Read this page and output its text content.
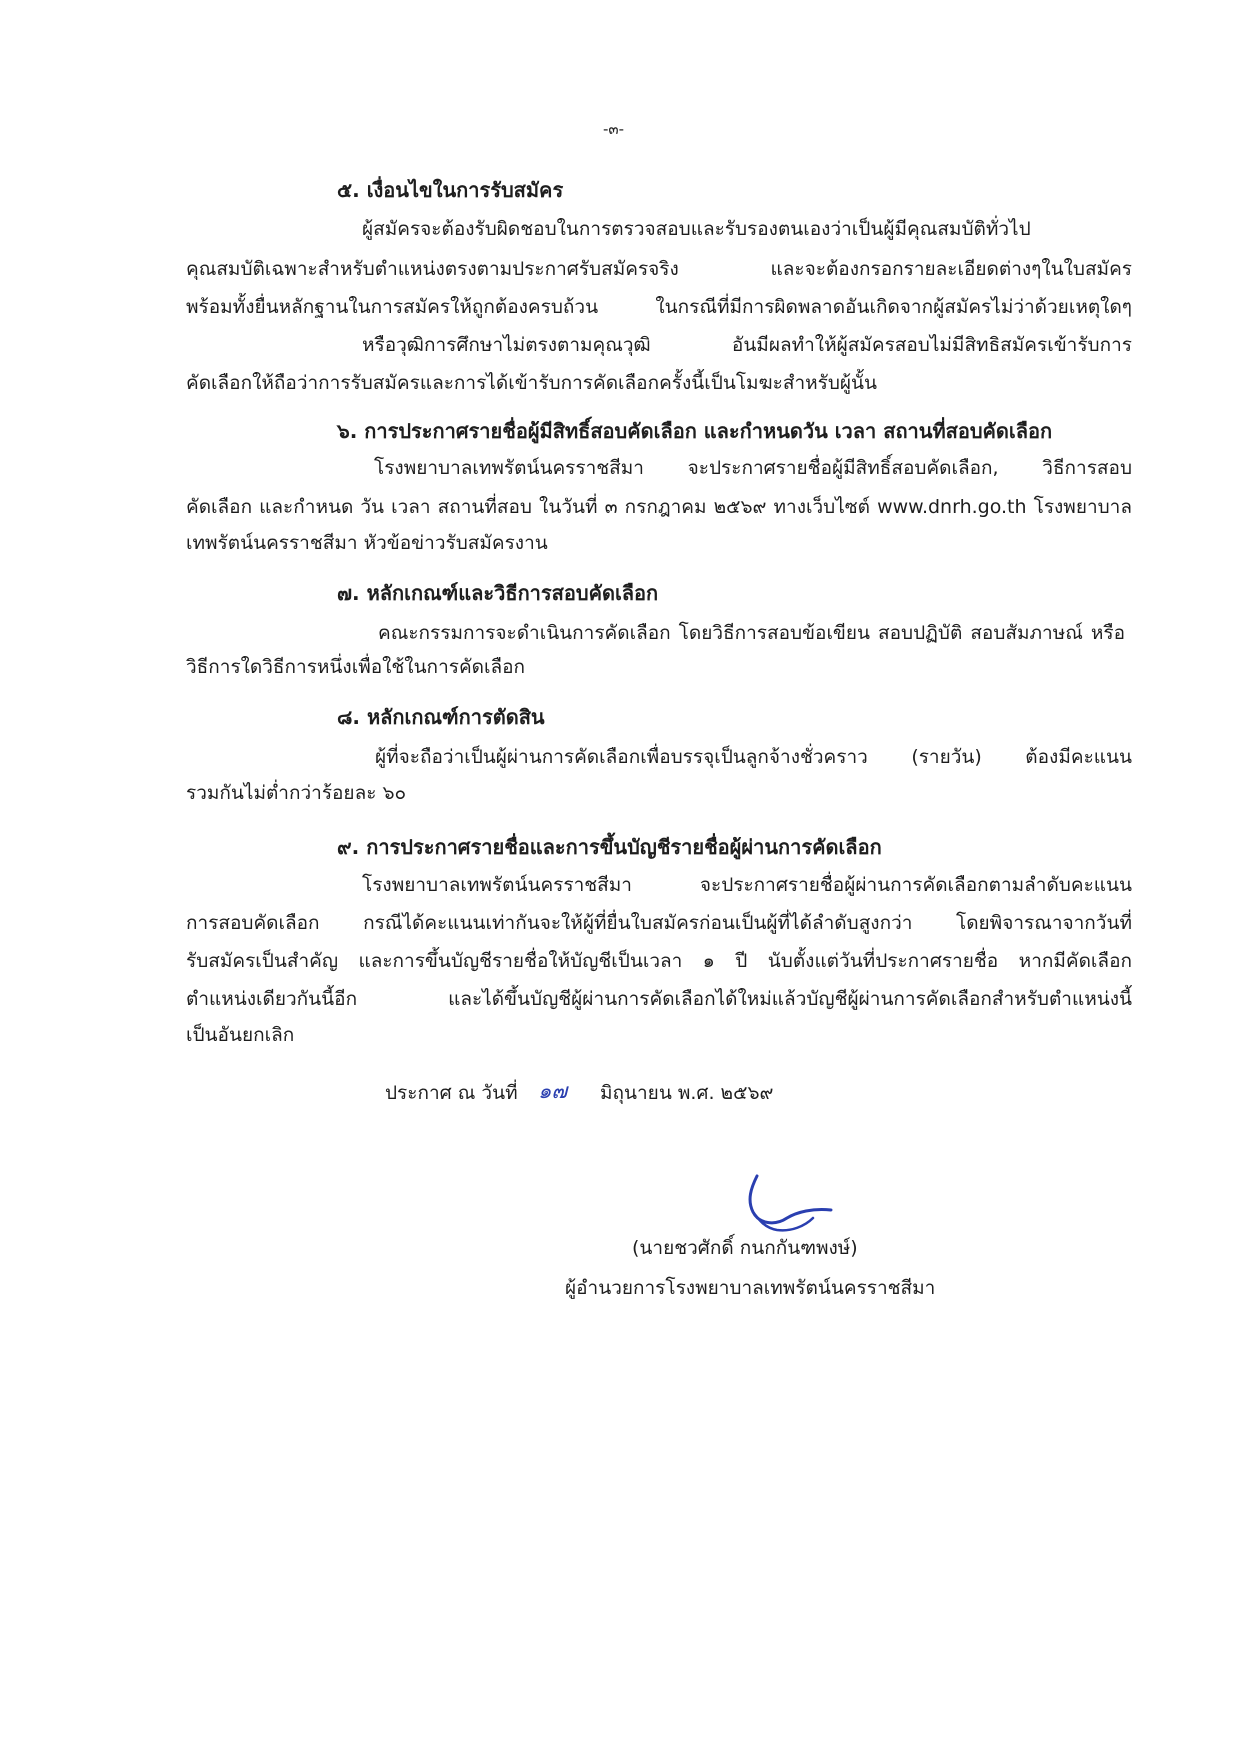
-๓-
๕. เงื่อนไขในการรับสมัคร
ผู้สมัครจะต้องรับผิดชอบในการตรวจสอบและรับรองตนเองว่าเป็นผู้มีคุณสมบัติทั่วไป
คุณสมบัติเฉพาะสำหรับตำแหน่งตรงตามประกาศรับสมัครจริง และจะต้องกรอกรายละเอียดต่างๆในใบสมัคร
พร้อมทั้งยื่นหลักฐานในการสมัครให้ถูกต้องครบถ้วน ในกรณีที่มีการผิดพลาดอันเกิดจากผู้สมัครไม่ว่าด้วยเหตุใดๆ
หรือวุฒิการศึกษาไม่ตรงตามคุณวุฒิ อันมีผลทำให้ผู้สมัครสอบไม่มีสิทธิสมัครเข้ารับการ
คัดเลือกให้ถือว่าการรับสมัครและการได้เข้ารับการคัดเลือกครั้งนี้เป็นโมฆะสำหรับผู้นั้น
๖. การประกาศรายชื่อผู้มีสิทธิ์สอบคัดเลือก และกำหนดวัน เวลา สถานที่สอบคัดเลือก
โรงพยาบาลเทพรัตน์นครราชสีมา จะประกาศรายชื่อผู้มีสิทธิ์สอบคัดเลือก, วิธีการสอบ
คัดเลือก และกำหนด วัน เวลา สถานที่สอบ ในวันที่ ๓ กรกฎาคม ๒๕๖๙ ทางเว็บไซต์ www.dnrh.go.th โรงพยาบาล
เทพรัตน์นครราชสีมา หัวข้อข่าวรับสมัครงาน
๗. หลักเกณฑ์และวิธีการสอบคัดเลือก
คณะกรรมการจะดำเนินการคัดเลือก โดยวิธีการสอบข้อเขียน สอบปฏิบัติ สอบสัมภาษณ์ หรือ
วิธีการใดวิธีการหนึ่งเพื่อใช้ในการคัดเลือก
๘. หลักเกณฑ์การตัดสิน
ผู้ที่จะถือว่าเป็นผู้ผ่านการคัดเลือกเพื่อบรรจุเป็นลูกจ้างชั่วคราว (รายวัน) ต้องมีคะแนน
รวมกันไม่ต่ำกว่าร้อยละ ๖๐
๙. การประกาศรายชื่อและการขึ้นบัญชีรายชื่อผู้ผ่านการคัดเลือก
โรงพยาบาลเทพรัตน์นครราชสีมา จะประกาศรายชื่อผู้ผ่านการคัดเลือกตามลำดับคะแนน
การสอบคัดเลือก กรณีได้คะแนนเท่ากันจะให้ผู้ที่ยื่นใบสมัครก่อนเป็นผู้ที่ได้ลำดับสูงกว่า โดยพิจารณาจากวันที่
รับสมัครเป็นสำคัญ และการขึ้นบัญชีรายชื่อให้บัญชีเป็นเวลา ๑ ปี นับตั้งแต่วันที่ประกาศรายชื่อ หากมีคัดเลือก
ตำแหน่งเดียวกันนี้อีก และได้ขึ้นบัญชีผู้ผ่านการคัดเลือกได้ใหม่แล้วบัญชีผู้ผ่านการคัดเลือกสำหรับตำแหน่งนี้
เป็นอันยกเลิก
ประกาศ ณ วันที่ ๑๗ มิถุนายน พ.ศ. ๒๕๖๙
(นายชวศักดิ์ กนกกันฑพงษ์)
ผู้อำนวยการโรงพยาบาลเทพรัตน์นครราชสีมา
